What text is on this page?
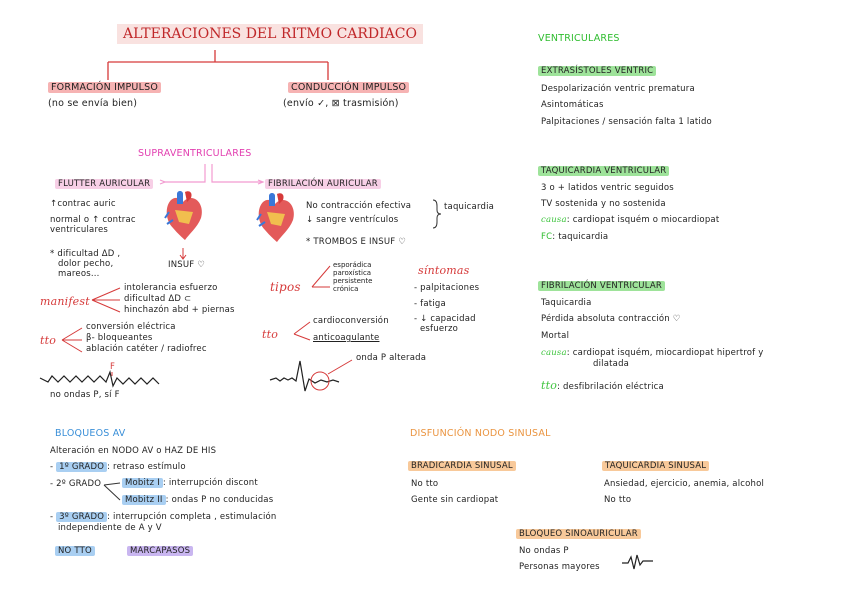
ALTERACIONES DEL RITMO CARDIACO
FORMACIÓN IMPULSO
(no se envía bien)
CONDUCCIÓN IMPULSO
(envío ✓, ⊠ trasmisión)
SUPRAVENTRICULARES
FLUTTER AURICULAR	FIBRILACIÓN AURICULAR
↑contrac auric
normal o ↑ contrac
ventriculares
* dificultad ΔD ,
dolor pecho,
mareos...
INSUF ♡
manifest
intolerancia esfuerzo
dificultad ΔD ⊂
hinchazón abd + piernas
tto
conversión eléctrica
β- bloqueantes
ablación catéter / radiofrec
F
no ondas P, sí F
No contracción efectiva
↓ sangre ventrículos
taquicardia
* TROMBOS E INSUF ♡
tipos
esporádica
paroxística
persistente
crónica
síntomas
- palpitaciones
- fatiga
- ↓ capacidad
esfuerzo
tto
cardioconversión
anticoagulante
onda P alterada
VENTRICULARES
EXTRASÍSTOLES VENTRIC
Despolarización ventric prematura
Asintomáticas
Palpitaciones / sensación falta 1 latido
TAQUICARDIA VENTRICULAR
3 o + latidos ventric seguidos
TV sostenida y no sostenida
causa: cardiopat isquém o miocardiopat
FC: taquicardia
FIBRILACIÓN VENTRICULAR
Taquicardia
Pérdida absoluta contracción ♡
Mortal
causa: cardiopat isquém, miocardiopat hipertrof y
dilatada
tto: desfibrilación eléctrica
BLOQUEOS AV
Alteración en NODO AV o HAZ DE HIS
- 1º GRADO : retraso estímulo
- 2º GRADO	Mobitz I : interrupción discont
Mobitz II : ondas P no conducidas
- 3º GRADO : interrupción completa , estimulación
independiente de A y V
NO TTO	MARCAPASOS
DISFUNCIÓN NODO SINUSAL
BRADICARDIA SINUSAL
No tto
Gente sin cardiopat
TAQUICARDIA SINUSAL
Ansiedad, ejercicio, anemia, alcohol
No tto
BLOQUEO SINOAURICULAR
No ondas P
Personas mayores
